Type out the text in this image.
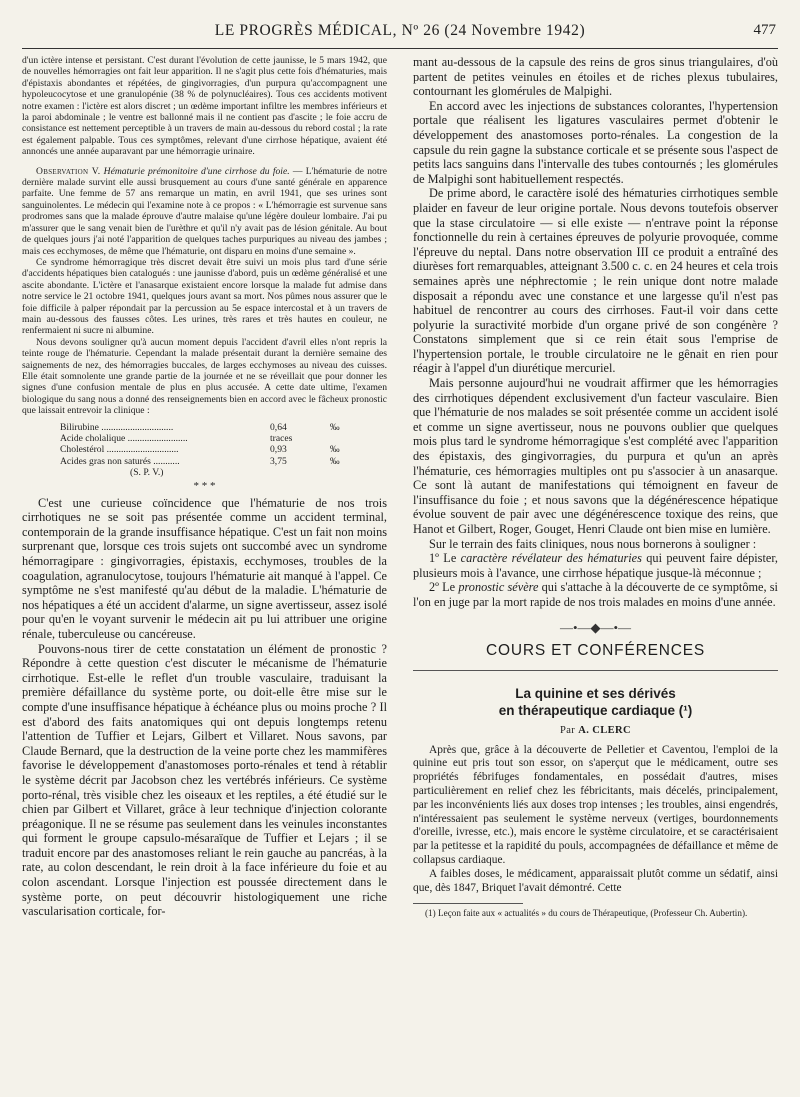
LE PROGRÈS MÉDICAL, Nº 26 (24 Novembre 1942)	477

d'un ictère intense et persistant. C'est durant l'évolution de cette jaunisse, le 5 mars 1942, que de nouvelles hémorragies ont fait leur apparition. Il ne s'agit plus cette fois d'hématuries, mais d'épistaxis abondantes et répétées, de gingivorragies, d'un purpura qu'accompagnent une hypoleucocytose et une granulopénie (38 % de polynucléaires). Tous ces accidents motivent notre examen : l'ictère est alors discret ; un œdème important infiltre les membres inférieurs et la paroi abdominale ; le ventre est ballonné mais il ne contient pas d'ascite ; le foie accru de consistance est nettement perceptible à un travers de main au-dessous du rebord costal ; la rate est également palpable. Tous ces symptômes, relevant d'une cirrhose hépatique, avaient été annoncés une année auparavant par une hémorragie urinaire.

Observation V. Hématurie prémonitoire d'une cirrhose du foie. — L'hématurie de notre dernière malade survint elle aussi brusquement au cours d'une santé générale en apparence parfaite. Une femme de 57 ans remarque un matin, en avril 1941, que ses urines sont sanguinolentes. Le médecin qui l'examine note à ce propos : « L'hémorragie est survenue sans prodromes sans que la malade éprouve d'autre malaise qu'une légère douleur lombaire. J'ai pu m'assurer que le sang venait bien de l'urèthre et qu'il n'y avait pas de lésion génitale. Au bout de quelques jours j'ai noté l'apparition de quelques taches purpuriques au niveau des jambes ; mais ces ecchymoses, de même que l'hématurie, ont disparu en moins d'une semaine ».

Ce syndrome hémorragique très discret devait être suivi un mois plus tard d'une série d'accidents hépatiques bien catalogués : une jaunisse d'abord, puis un œdème généralisé et une ascite abondante. L'ictère et l'anasarque existaient encore lorsque la malade fut admise dans notre service le 21 octobre 1941, quelques jours avant sa mort. Nos pûmes nous assurer que le foie difficile à palper répondait par la percussion au 5e espace intercostal et à un travers de main au-dessous des fausses côtes. Les urines, très rares et très hautes en couleur, ne renfermaient ni sucre ni albumine.

Nous devons souligner qu'à aucun moment depuis l'accident d'avril elles n'ont repris la teinte rouge de l'hématurie. Cependant la malade présentait durant la dernière semaine des saignements de nez, des hémorragies buccales, de larges ecchymoses au niveau des cuisses. Elle était somnolente une grande partie de la journée et ne se réveillait que pour donner les signes d'une confusion mentale de plus en plus accusée. A cette date ultime, l'examen biologique du sang nous a donné des renseignements bien en accord avec le fâcheux pronostic que laissait entrevoir la clinique :

Bilirubine ..............................	0,64	‰
Acide cholalique .........................	traces
Cholestérol ..............................	0,93	‰
Acides gras non saturés ...........	3,75	‰
(S. P. V.)
* * *

C'est une curieuse coïncidence que l'hématurie de nos trois cirrhotiques ne se soit pas présentée comme un accident terminal, contemporain de la grande insuffisance hépatique. C'est un fait non moins surprenant que, lorsque ces trois sujets ont succombé avec un syndrome hémorragipare : gingivorragies, épistaxis, ecchymoses, troubles de la coagulation, agranulocytose, toujours l'hématurie ait manqué à l'appel. Ce symptôme ne s'est manifesté qu'au début de la maladie. L'hématurie de nos hépatiques a été un accident d'alarme, un signe avertisseur, assez isolé pour qu'en le voyant survenir le médecin ait pu lui attribuer une origine rénale, tuberculeuse ou cancéreuse.

Pouvons-nous tirer de cette constatation un élément de pronostic ? Répondre à cette question c'est discuter le mécanisme de l'hématurie cirrhotique. Est-elle le reflet d'un trouble vasculaire, traduisant la première défaillance du système porte, ou doit-elle être mise sur le compte d'une insuffisance hépatique à échéance plus ou moins proche ? Il est d'abord des faits anatomiques qui ont depuis longtemps retenu l'attention de Tuffier et Lejars, Gilbert et Villaret. Nous savons, par Claude Bernard, que la destruction de la veine porte chez les mammifères favorise le développement d'anastomoses porto-rénales et tend à rétablir le système décrit par Jacobson chez les vertébrés inférieurs. Ce système porto-rénal, très visible chez les oiseaux et les reptiles, a été étudié sur le chien par Gilbert et Villaret, grâce à leur technique d'injection colorante préagonique. Il ne se résume pas seulement dans les veinules inconstantes qui forment le groupe capsulo-mésaraïque de Tuffier et Lejars ; il se traduit encore par des anastomoses reliant le rein gauche au pancréas, à la rate, au colon descendant, le rein droit à la face inférieure du foie et au colon ascendant. Lorsque l'injection est poussée directement dans le système porte, on peut découvrir histologiquement une riche vascularisation corticale, for-

mant au-dessous de la capsule des reins de gros sinus triangulaires, d'où partent de petites veinules en étoiles et de riches plexus tubulaires, contournant les glomérules de Malpighi.

En accord avec les injections de substances colorantes, l'hypertension portale que réalisent les ligatures vasculaires permet d'obtenir le développement des anastomoses porto-rénales. La congestion de la capsule du rein gagne la substance corticale et se présente sous l'aspect de petits lacs sanguins dans l'intervalle des tubes contournés ; les glomérules de Malpighi sont habituellement respectés.

De prime abord, le caractère isolé des hématuries cirrhotiques semble plaider en faveur de leur origine portale. Nous devons toutefois observer que la stase circulatoire — si elle existe — n'entrave point la réponse fonctionnelle du rein à certaines épreuves de polyurie provoquée, comme l'épreuve du neptal. Dans notre observation III ce produit a entraîné des diurèses fort remarquables, atteignant 3.500 c. c. en 24 heures et cela trois semaines après une néphrectomie ; le rein unique dont notre malade disposait a répondu avec une constance et une largesse qu'il n'est pas habituel de rencontrer au cours des cirrhoses. Faut-il voir dans cette polyurie la suractivité morbide d'un organe privé de son congénère ? Constatons simplement que si ce rein était sous l'emprise de l'hypertension portale, le trouble circulatoire ne le gênait en rien pour réagir à l'appel d'un diurétique mercuriel.

Mais personne aujourd'hui ne voudrait affirmer que les hémorragies des cirrhotiques dépendent exclusivement d'un facteur vasculaire. Bien que l'hématurie de nos malades se soit présentée comme un accident isolé et comme un signe avertisseur, nous ne pouvons oublier que quelques mois plus tard le syndrome hémorragique s'est complété avec l'apparition des épistaxis, des gingivorragies, du purpura et qu'un an après l'hématurie, ces hémorragies multiples ont pu s'associer à un anasarque. Ce sont là autant de manifestations qui témoignent en faveur de l'insuffisance du foie ; et nous savons que la dégénérescence hépatique évolue souvent de pair avec une dégénérescence toxique des reins, que Hanot et Gilbert, Roger, Gouget, Henri Claude ont bien mise en lumière.

Sur le terrain des faits cliniques, nous nous bornerons à souligner :

1º Le caractère révélateur des hématuries qui peuvent faire dépister, plusieurs mois à l'avance, une cirrhose hépatique jusque-là méconnue ;

2º Le pronostic sévère qui s'attache à la découverte de ce symptôme, si l'on en juge par la mort rapide de nos trois malades en moins d'une année.

—•—◆—•—
COURS ET CONFÉRENCES
La quinine et ses dérivés
en thérapeutique cardiaque (¹)
Par A. CLERC

Après que, grâce à la découverte de Pelletier et Caventou, l'emploi de la quinine eut pris tout son essor, on s'aperçut que le médicament, outre ses propriétés fébrifuges fondamentales, en possédait d'autres, mises particulièrement en relief chez les fébricitants, mais décelés, principalement, par les inconvénients liés aux doses trop intenses ; les troubles, ainsi engendrés, n'intéressaient pas seulement le système nerveux (vertiges, bourdonnements d'oreille, ivresse, etc.), mais encore le système circulatoire, et se caractérisaient par la petitesse et la rapidité du pouls, accompagnées de défaillance et même de collapsus cardiaque.

A faibles doses, le médicament, apparaissait plutôt comme un sédatif, ainsi que, dès 1847, Briquet l'avait démontré. Cette

(1) Leçon faite aux « actualités » du cours de Thérapeutique, (Professeur Ch. Aubertin).
